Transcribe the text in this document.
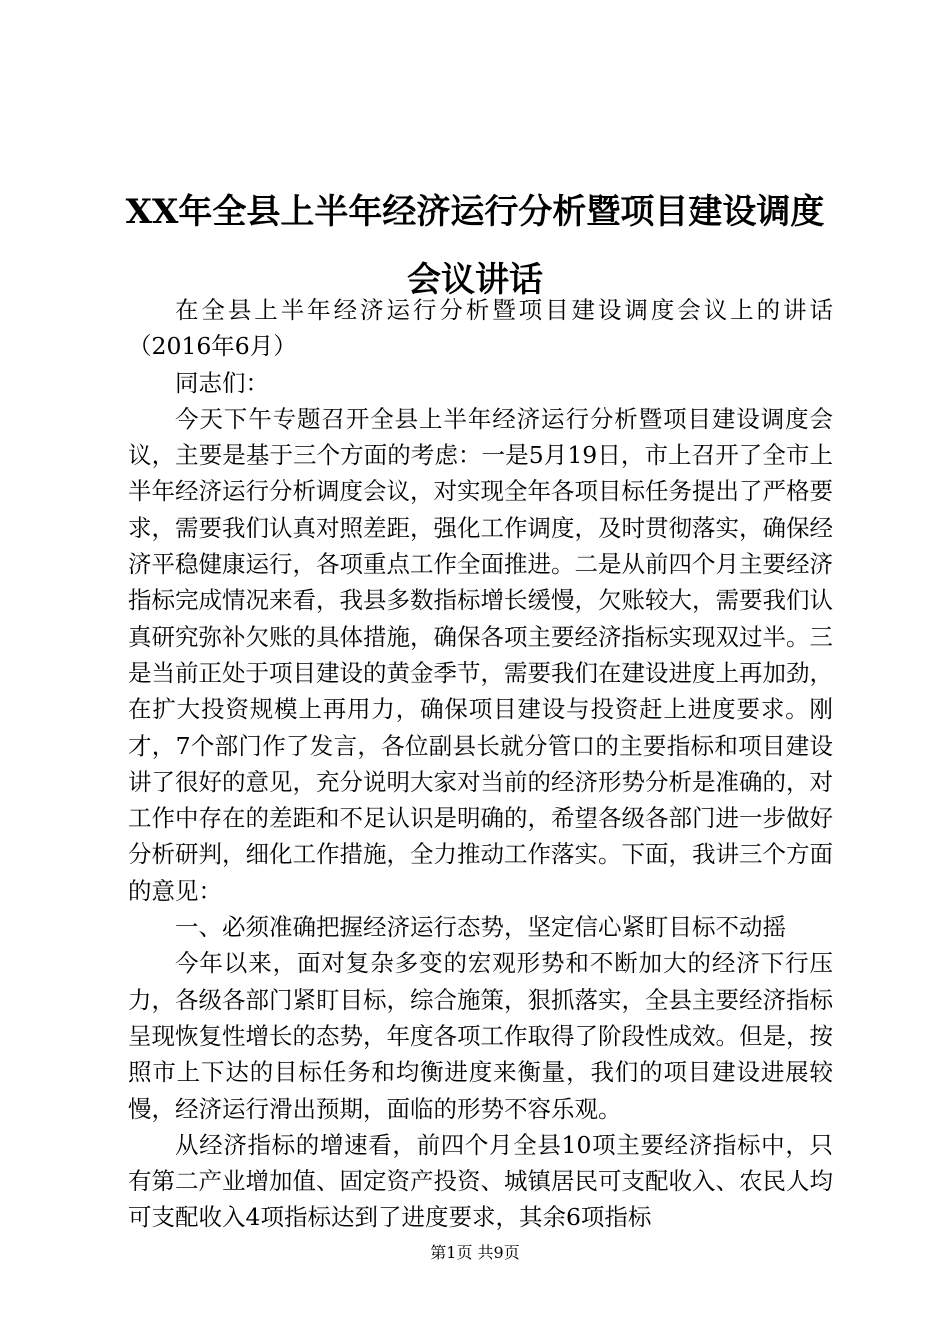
XX年全县上半年经济运行分析暨项目建设调度会议讲话

在全县上半年经济运行分析暨项目建设调度会议上的讲话（2016年6月）

同志们：

今天下午专题召开全县上半年经济运行分析暨项目建设调度会议，主要是基于三个方面的考虑：一是5月19日，市上召开了全市上半年经济运行分析调度会议，对实现全年各项目标任务提出了严格要求，需要我们认真对照差距，强化工作调度，及时贯彻落实，确保经济平稳健康运行，各项重点工作全面推进。二是从前四个月主要经济指标完成情况来看，我县多数指标增长缓慢，欠账较大，需要我们认真研究弥补欠账的具体措施，确保各项主要经济指标实现双过半。三是当前正处于项目建设的黄金季节，需要我们在建设进度上再加劲，在扩大投资规模上再用力，确保项目建设与投资赶上进度要求。刚才，7个部门作了发言，各位副县长就分管口的主要指标和项目建设讲了很好的意见，充分说明大家对当前的经济形势分析是准确的，对工作中存在的差距和不足认识是明确的，希望各级各部门进一步做好分析研判，细化工作措施，全力推动工作落实。下面，我讲三个方面的意见：

一、必须准确把握经济运行态势，坚定信心紧盯目标不动摇

今年以来，面对复杂多变的宏观形势和不断加大的经济下行压力，各级各部门紧盯目标，综合施策，狠抓落实，全县主要经济指标呈现恢复性增长的态势，年度各项工作取得了阶段性成效。但是，按照市上下达的目标任务和均衡进度来衡量，我们的项目建设进展较慢，经济运行滑出预期，面临的形势不容乐观。

从经济指标的增速看，前四个月全县10项主要经济指标中，只有第二产业增加值、固定资产投资、城镇居民可支配收入、农民人均可支配收入4项指标达到了进度要求，其余6项指标

第1页 共9页
